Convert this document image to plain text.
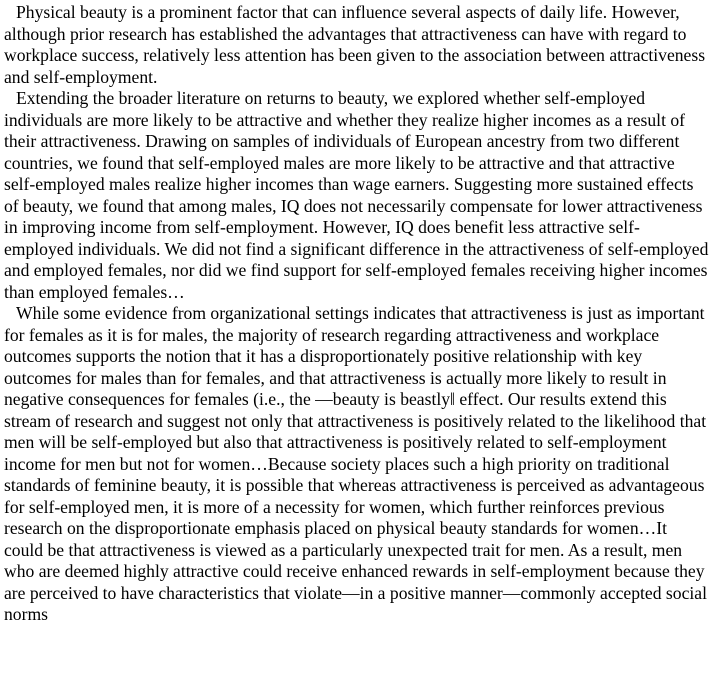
Physical beauty is a prominent factor that can influence several aspects of daily life. However, although prior research has established the advantages that attractiveness can have with regard to workplace success, relatively less attention has been given to the association between attractiveness and self-employment.

Extending the broader literature on returns to beauty, we explored whether self-employed individuals are more likely to be attractive and whether they realize higher incomes as a result of their attractiveness. Drawing on samples of individuals of European ancestry from two different countries, we found that self-employed males are more likely to be attractive and that attractive self-employed males realize higher incomes than wage earners. Suggesting more sustained effects of beauty, we found that among males, IQ does not necessarily compensate for lower attractiveness in improving income from self-employment. However, IQ does benefit less attractive self-employed individuals. We did not find a significant difference in the attractiveness of self-employed and employed females, nor did we find support for self-employed females receiving higher incomes than employed females…

While some evidence from organizational settings indicates that attractiveness is just as important for females as it is for males, the majority of research regarding attractiveness and workplace outcomes supports the notion that it has a disproportionately positive relationship with key outcomes for males than for females, and that attractiveness is actually more likely to result in negative consequences for females (i.e., the ―beauty is beastly‖ effect. Our results extend this stream of research and suggest not only that attractiveness is positively related to the likelihood that men will be self-employed but also that attractiveness is positively related to self-employment income for men but not for women…Because society places such a high priority on traditional standards of feminine beauty, it is possible that whereas attractiveness is perceived as advantageous for self-employed men, it is more of a necessity for women, which further reinforces previous research on the disproportionate emphasis placed on physical beauty standards for women…It could be that attractiveness is viewed as a particularly unexpected trait for men. As a result, men who are deemed highly attractive could receive enhanced rewards in self-employment because they are perceived to have characteristics that violate—in a positive manner—commonly accepted social norms
